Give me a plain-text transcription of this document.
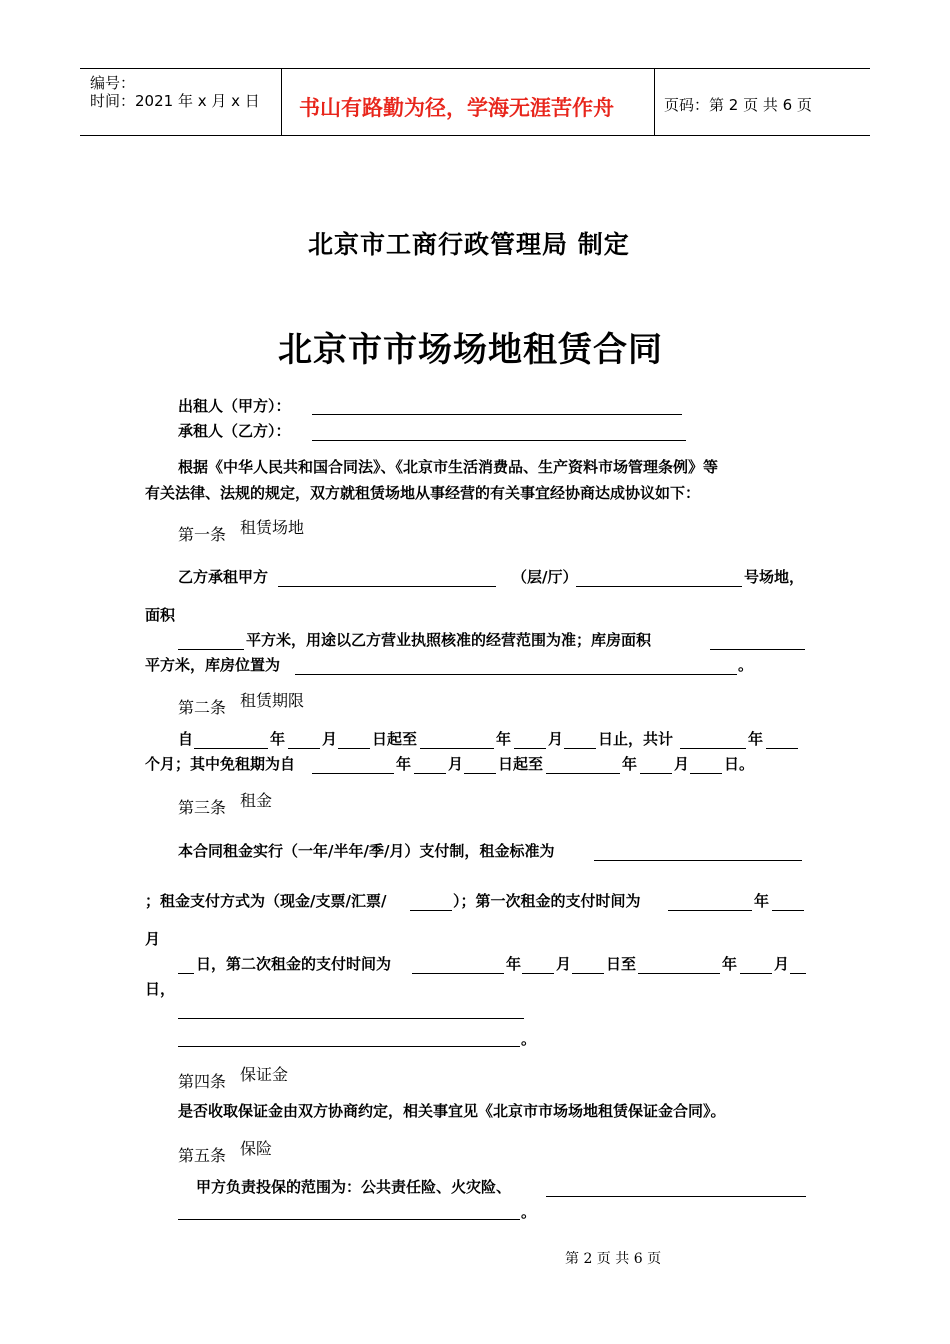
编号：
时间：2021 年 x 月 x 日 书山有路勤为径，学海无涯苦作舟	页码：第 2 页 共 6 页
北京市工商行政管理局 制定
北京市市场场地租赁合同
出租人（甲方）：
承租人（乙方）：
根据《中华人民共和国合同法》、《北京市生活消费品、生产资料市场管理条例》等
有关法律、法规的规定，双方就租赁场地从事经营的有关事宜经协商达成协议如下：
第一条 租赁场地
乙方承租甲方	（层/厅）	号场地，
面积
平方米，用途以乙方营业执照核准的经营范围为准；库房面积
平方米，库房位置为	。
第二条 租赁期限
自	年 月 日起至	年 月 日止，共计	年
个月；其中免租期为自	年 月 日起至	年 月 日。
第三条 租金
本合同租金实行（一年/半年/季/月）支付制，租金标准为
；租金支付方式为（现金/支票/汇票/	）；第一次租金的支付时间为	年
月
日，第二次租金的支付时间为	年 月 日至	年 月
日，
。
第四条 保证金
是否收取保证金由双方协商约定，相关事宜见《北京市市场场地租赁保证金合同》。
第五条 保险
甲方负责投保的范围为：公共责任险、火灾险、
。
第 2 页 共 6 页
